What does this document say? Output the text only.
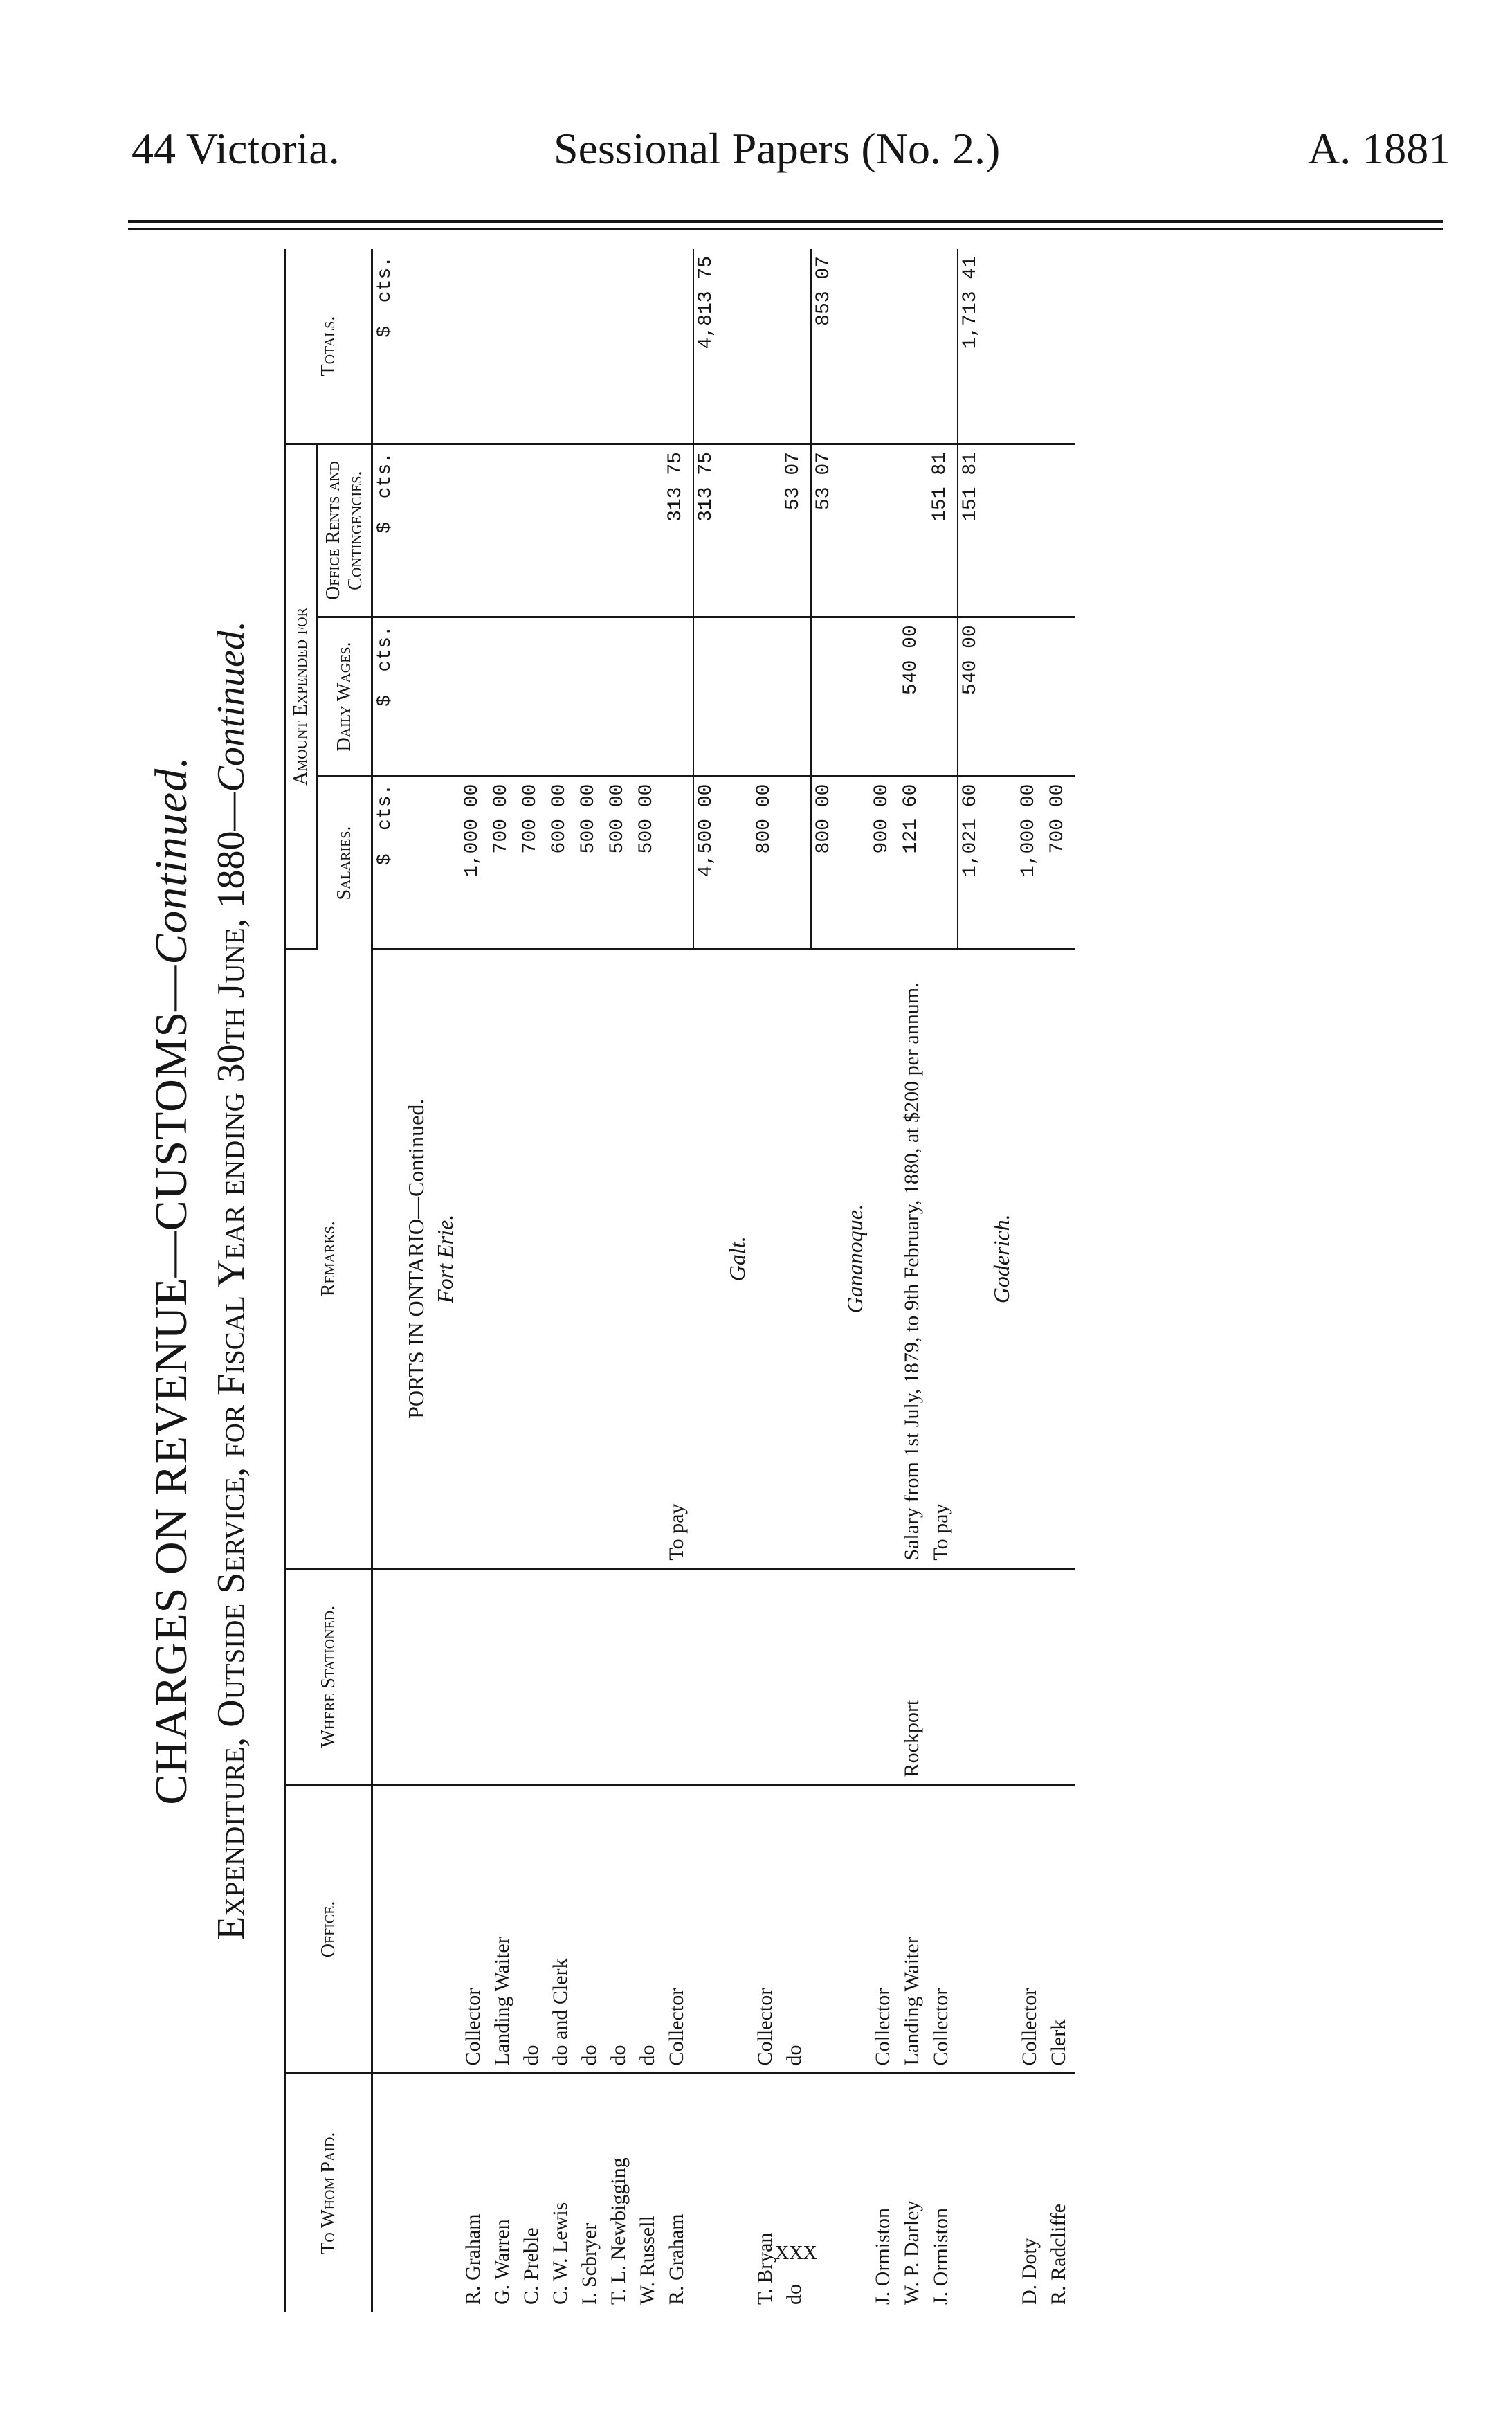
44 Victoria.	Sessional Papers (No. 2.)	A. 1881
CHARGES ON REVENUE—CUSTOMS—Continued. Expenditure, Outside Service, for Fiscal Year ending 30th June, 1880—Continued.
To Whom Paid.	Office.	Where Stationed.	Remarks.	Amount Expended for			Totals.
				Salaries.	Daily Wages.	Office Rents and Contingencies.	
				$  cts.	$  cts.	$  cts.	$  cts.
			PORTS IN ONTARIO—Continued.				
			Fort Erie.				
R. Graham	Collector			1,000 00			
G. Warren	Landing Waiter			700 00			
C. Preble	do			700 00			
C. W. Lewis	do and Clerk			600 00			
I. Scbryer	do			500 00			
T. L. Newbigging	do			500 00			
W. Russell	do			500 00			
R. Graham	Collector		To pay			313 75	
				4,500 00		313 75	4,813 75
			Galt.				
T. Bryan	Collector			800 00			
do	do					53 07	
				800 00		53 07	853 07
			Gananoque.				
J. Ormiston	Collector			900 00			
W. P. Darley	Landing Waiter	Rockport	Salary from 1st July, 1879, to 9th February, 1880, at $200 per annum.	121 60	540 00		
J. Ormiston	Collector		To pay			151 81	
				1,021 60	540 00	151 81	1,713 41
			Goderich.				
D. Doty	Collector			1,000 00			
R. Radcliffe	Clerk			700 00			
XXX
